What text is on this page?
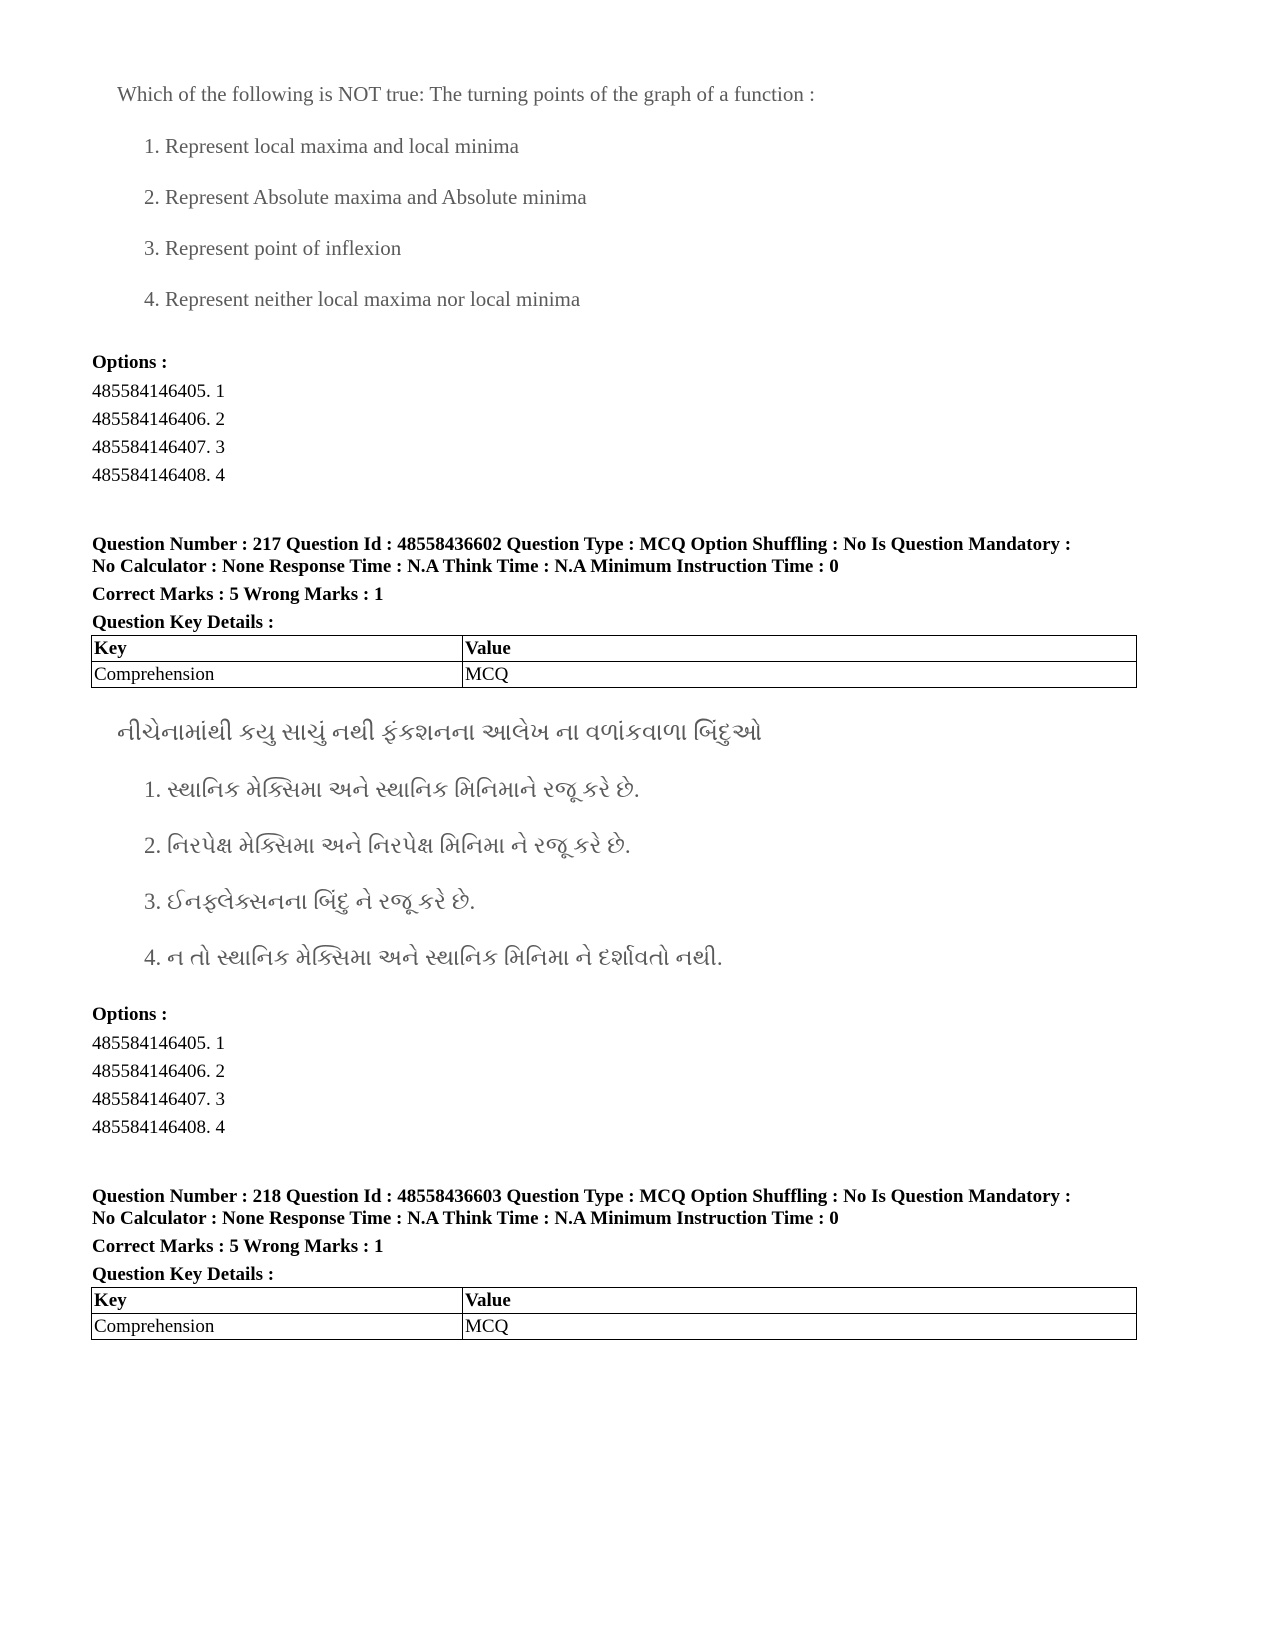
Which of the following is NOT true: The turning points of the graph of a function :
1. Represent local maxima and local minima
2. Represent Absolute maxima and Absolute minima
3. Represent point of inflexion
4. Represent neither local maxima nor local minima
Options :
485584146405. 1
485584146406. 2
485584146407. 3
485584146408. 4
Question Number : 217 Question Id : 48558436602 Question Type : MCQ Option Shuffling : No Is Question Mandatory :
No Calculator : None Response Time : N.A Think Time : N.A Minimum Instruction Time : 0
Correct Marks : 5 Wrong Marks : 1
Question Key Details :
Key	Value
Comprehension	MCQ
નીચેનામાંથી કયુ સાચું નથી ફંકશનના આલેખ ના વળાંકવાળા બિંદુઓ
1. સ્થાનિક મેક્સિમા અને સ્થાનિક મિનિમાને રજૂ કરે છે.
2. નિરપેક્ષ મેક્સિમા અને નિરપેક્ષ મિનિમા ને રજૂ કરે છે.
3. ઈનફ્લેક્સનના બિંદુ ને રજૂ કરે છે.
4. ન તો સ્થાનિક મેક્સિમા અને સ્થાનિક મિનિમા ને દર્શાવતો નથી.
Options :
485584146405. 1
485584146406. 2
485584146407. 3
485584146408. 4
Question Number : 218 Question Id : 48558436603 Question Type : MCQ Option Shuffling : No Is Question Mandatory :
No Calculator : None Response Time : N.A Think Time : N.A Minimum Instruction Time : 0
Correct Marks : 5 Wrong Marks : 1
Question Key Details :
Key	Value
Comprehension	MCQ
